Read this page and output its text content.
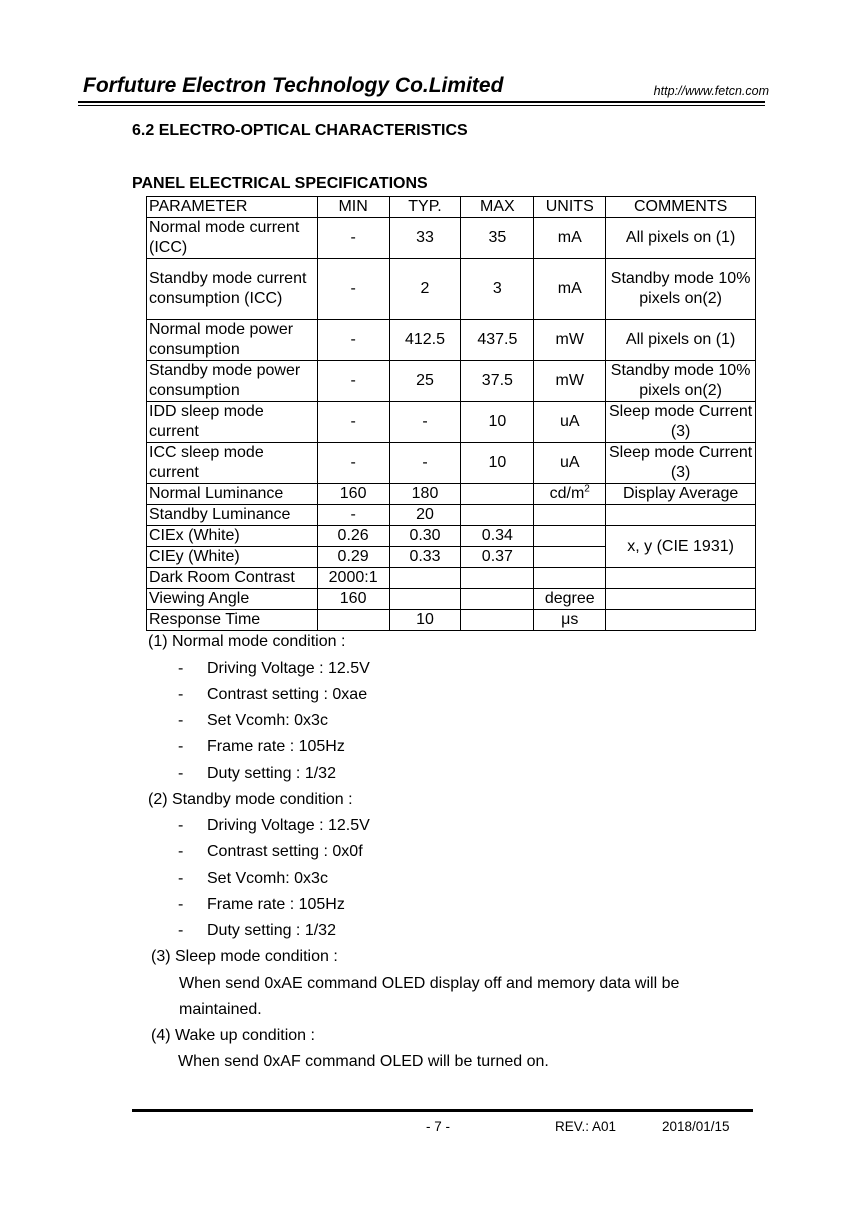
Forfuture Electron Technology Co.Limited	http://www.fetcn.com
6.2 ELECTRO-OPTICAL CHARACTERISTICS
PANEL ELECTRICAL SPECIFICATIONS
PARAMETER	MIN	TYP.	MAX	UNITS	COMMENTS
Normal mode current (ICC)	-	33	35	mA	All pixels on (1)
Standby mode current consumption (ICC)	-	2	3	mA	Standby mode 10% pixels on(2)
Normal mode power consumption	-	412.5	437.5	mW	All pixels on (1)
Standby mode power consumption	-	25	37.5	mW	Standby mode 10% pixels on(2)
IDD sleep mode current	-	-	10	uA	Sleep mode Current (3)
ICC sleep mode current	-	-	10	uA	Sleep mode Current (3)
Normal Luminance	160	180		$cd/m^2$	Display Average
Standby Luminance	-	20			
CIEx (White)	0.26	0.30	0.34		x, y (CIE 1931)
CIEy (White)	0.29	0.33	0.37		
Dark Room Contrast	2000:1				
Viewing Angle	160			degree	
Response Time		10		μs	
(1) Normal mode condition :
- Driving Voltage : 12.5V
- Contrast setting : 0xae
- Set Vcomh: 0x3c
- Frame rate : 105Hz
- Duty setting : 1/32
(2) Standby mode condition :
- Driving Voltage : 12.5V
- Contrast setting : 0x0f
- Set Vcomh: 0x3c
- Frame rate : 105Hz
- Duty setting : 1/32
(3) Sleep mode condition :
When send 0xAE command OLED display off and memory data will be
maintained.
(4) Wake up condition :
When send 0xAF command OLED will be turned on.
- 7 -	REV.: A01	2018/01/15
